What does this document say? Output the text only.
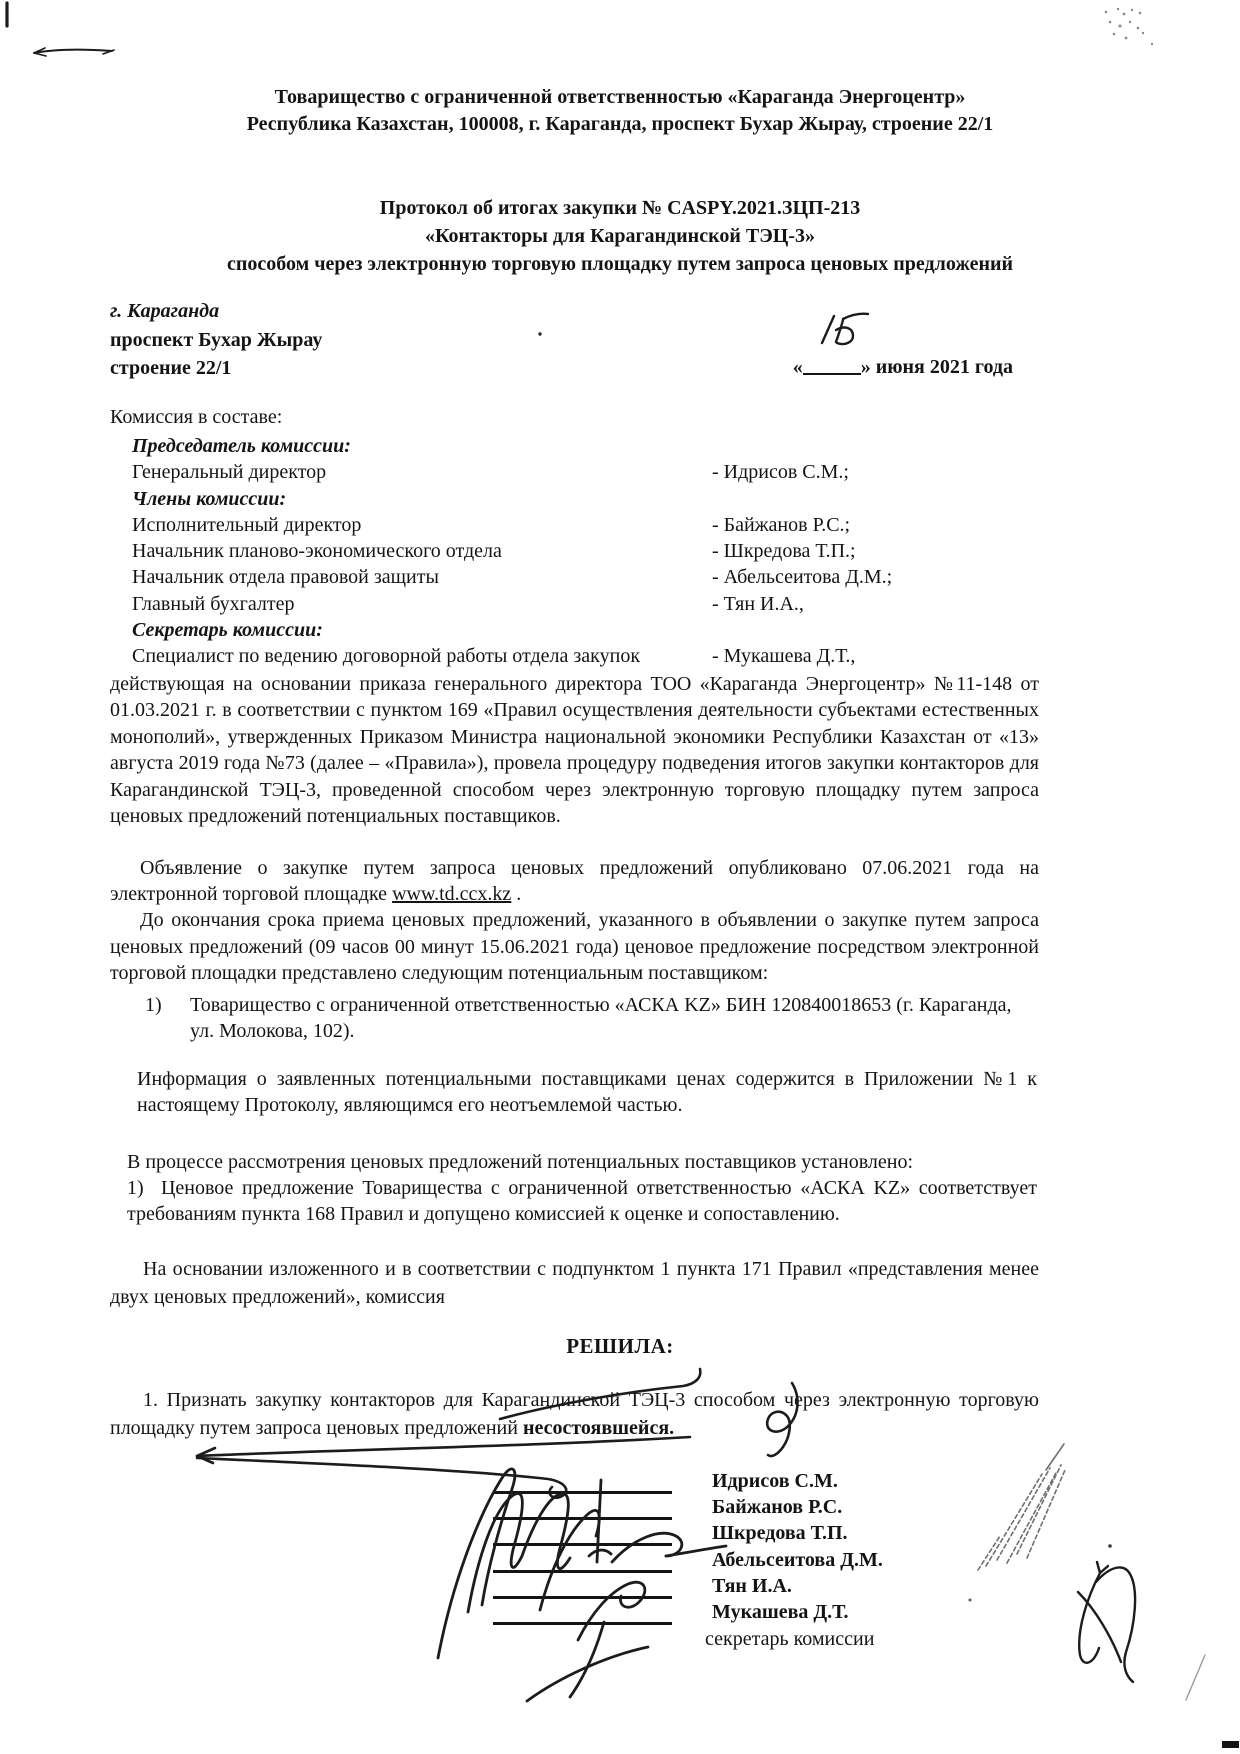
Товарищество с ограниченной ответственностью «Караганда Энергоцентр»
Республика Казахстан, 100008, г. Караганда, проспект Бухар Жырау, строение 22/1
Протокол об итогах закупки № CASPY.2021.ЗЦП-213
«Контакторы для Карагандинской ТЭЦ-3»
способом через электронную торговую площадку путем запроса ценовых предложений
г. Караганда
проспект Бухар Жырау
строение 22/1	«	» июня 2021 года
Комиссия в составе:
Председатель комиссии:
Генеральный директор	- Идрисов С.М.;
Члены комиссии:
Исполнительный директор	- Байжанов Р.С.;
Начальник планово-экономического отдела	- Шкредова Т.П.;
Начальник отдела правовой защиты	- Абельсеитова Д.М.;
Главный бухгалтер	- Тян И.А.,
Секретарь комиссии:
Специалист по ведению договорной работы отдела закупок	- Мукашева Д.Т.,
действующая на основании приказа генерального директора ТОО «Караганда Энергоцентр» №11-148 от 01.03.2021 г. в соответствии с пунктом 169 «Правил осуществления деятельности субъектами естественных монополий», утвержденных Приказом Министра национальной экономики Республики Казахстан от «13» августа 2019 года №73 (далее – «Правила»), провела процедуру подведения итогов закупки контакторов для Карагандинской ТЭЦ-3, проведенной способом через электронную торговую площадку путем запроса ценовых предложений потенциальных поставщиков.
Объявление о закупке путем запроса ценовых предложений опубликовано 07.06.2021 года на электронной торговой площадке www.td.ccx.kz .
До окончания срока приема ценовых предложений, указанного в объявлении о закупке путем запроса ценовых предложений (09 часов 00 минут 15.06.2021 года) ценовое предложение посредством электронной торговой площадки представлено следующим потенциальным поставщиком:
1) Товарищество с ограниченной ответственностью «АСКА KZ» БИН 120840018653 (г. Караганда, ул. Молокова, 102).
Информация о заявленных потенциальными поставщиками ценах содержится в Приложении №1 к настоящему Протоколу, являющимся его неотъемлемой частью.
В процессе рассмотрения ценовых предложений потенциальных поставщиков установлено:
1) Ценовое предложение Товарищества с ограниченной ответственностью «АСКА KZ» соответствует требованиям пункта 168 Правил и допущено комиссией к оценке и сопоставлению.
На основании изложенного и в соответствии с подпунктом 1 пункта 171 Правил «представления менее двух ценовых предложений», комиссия
РЕШИЛА:
1. Признать закупку контакторов для Карагандинской ТЭЦ-3 способом через электронную торговую площадку путем запроса ценовых предложений несостоявшейся.
Идрисов С.М.
Байжанов Р.С.
Шкредова Т.П.
Абельсеитова Д.М.
Тян И.А.
Мукашева Д.Т.
секретарь комиссии
